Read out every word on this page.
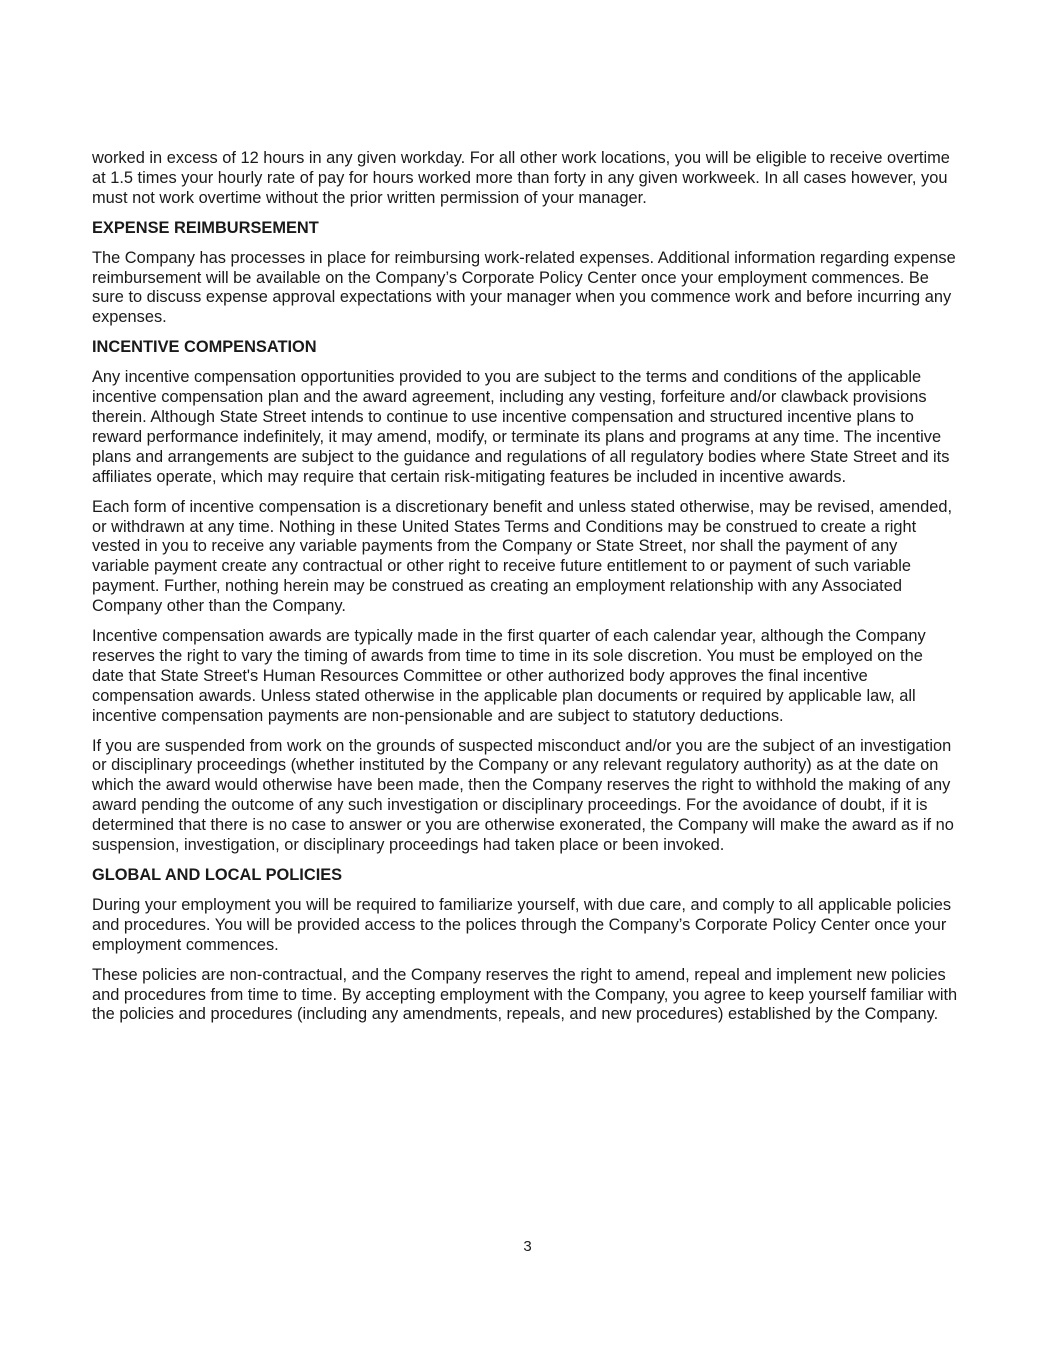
worked in excess of 12 hours in any given workday. For all other work locations, you will be eligible to receive overtime at 1.5 times your hourly rate of pay for hours worked more than forty in any given workweek. In all cases however, you must not work overtime without the prior written permission of your manager.

EXPENSE REIMBURSEMENT

The Company has processes in place for reimbursing work-related expenses. Additional information regarding expense reimbursement will be available on the Company’s Corporate Policy Center once your employment commences. Be sure to discuss expense approval expectations with your manager when you commence work and before incurring any expenses.

INCENTIVE COMPENSATION

Any incentive compensation opportunities provided to you are subject to the terms and conditions of the applicable incentive compensation plan and the award agreement, including any vesting, forfeiture and/or clawback provisions therein. Although State Street intends to continue to use incentive compensation and structured incentive plans to reward performance indefinitely, it may amend, modify, or terminate its plans and programs at any time. The incentive plans and arrangements are subject to the guidance and regulations of all regulatory bodies where State Street and its affiliates operate, which may require that certain risk-mitigating features be included in incentive awards.

Each form of incentive compensation is a discretionary benefit and unless stated otherwise, may be revised, amended, or withdrawn at any time. Nothing in these United States Terms and Conditions may be construed to create a right vested in you to receive any variable payments from the Company or State Street, nor shall the payment of any variable payment create any contractual or other right to receive future entitlement to or payment of such variable payment. Further, nothing herein may be construed as creating an employment relationship with any Associated Company other than the Company.

Incentive compensation awards are typically made in the first quarter of each calendar year, although the Company reserves the right to vary the timing of awards from time to time in its sole discretion. You must be employed on the date that State Street's Human Resources Committee or other authorized body approves the final incentive compensation awards. Unless stated otherwise in the applicable plan documents or required by applicable law, all incentive compensation payments are non-pensionable and are subject to statutory deductions.

If you are suspended from work on the grounds of suspected misconduct and/or you are the subject of an investigation or disciplinary proceedings (whether instituted by the Company or any relevant regulatory authority) as at the date on which the award would otherwise have been made, then the Company reserves the right to withhold the making of any award pending the outcome of any such investigation or disciplinary proceedings. For the avoidance of doubt, if it is determined that there is no case to answer or you are otherwise exonerated, the Company will make the award as if no suspension, investigation, or disciplinary proceedings had taken place or been invoked.

GLOBAL AND LOCAL POLICIES

During your employment you will be required to familiarize yourself, with due care, and comply to all applicable policies and procedures. You will be provided access to the polices through the Company’s Corporate Policy Center once your employment commences.

These policies are non-contractual, and the Company reserves the right to amend, repeal and implement new policies and procedures from time to time. By accepting employment with the Company, you agree to keep yourself familiar with the policies and procedures (including any amendments, repeals, and new procedures) established by the Company.

3
